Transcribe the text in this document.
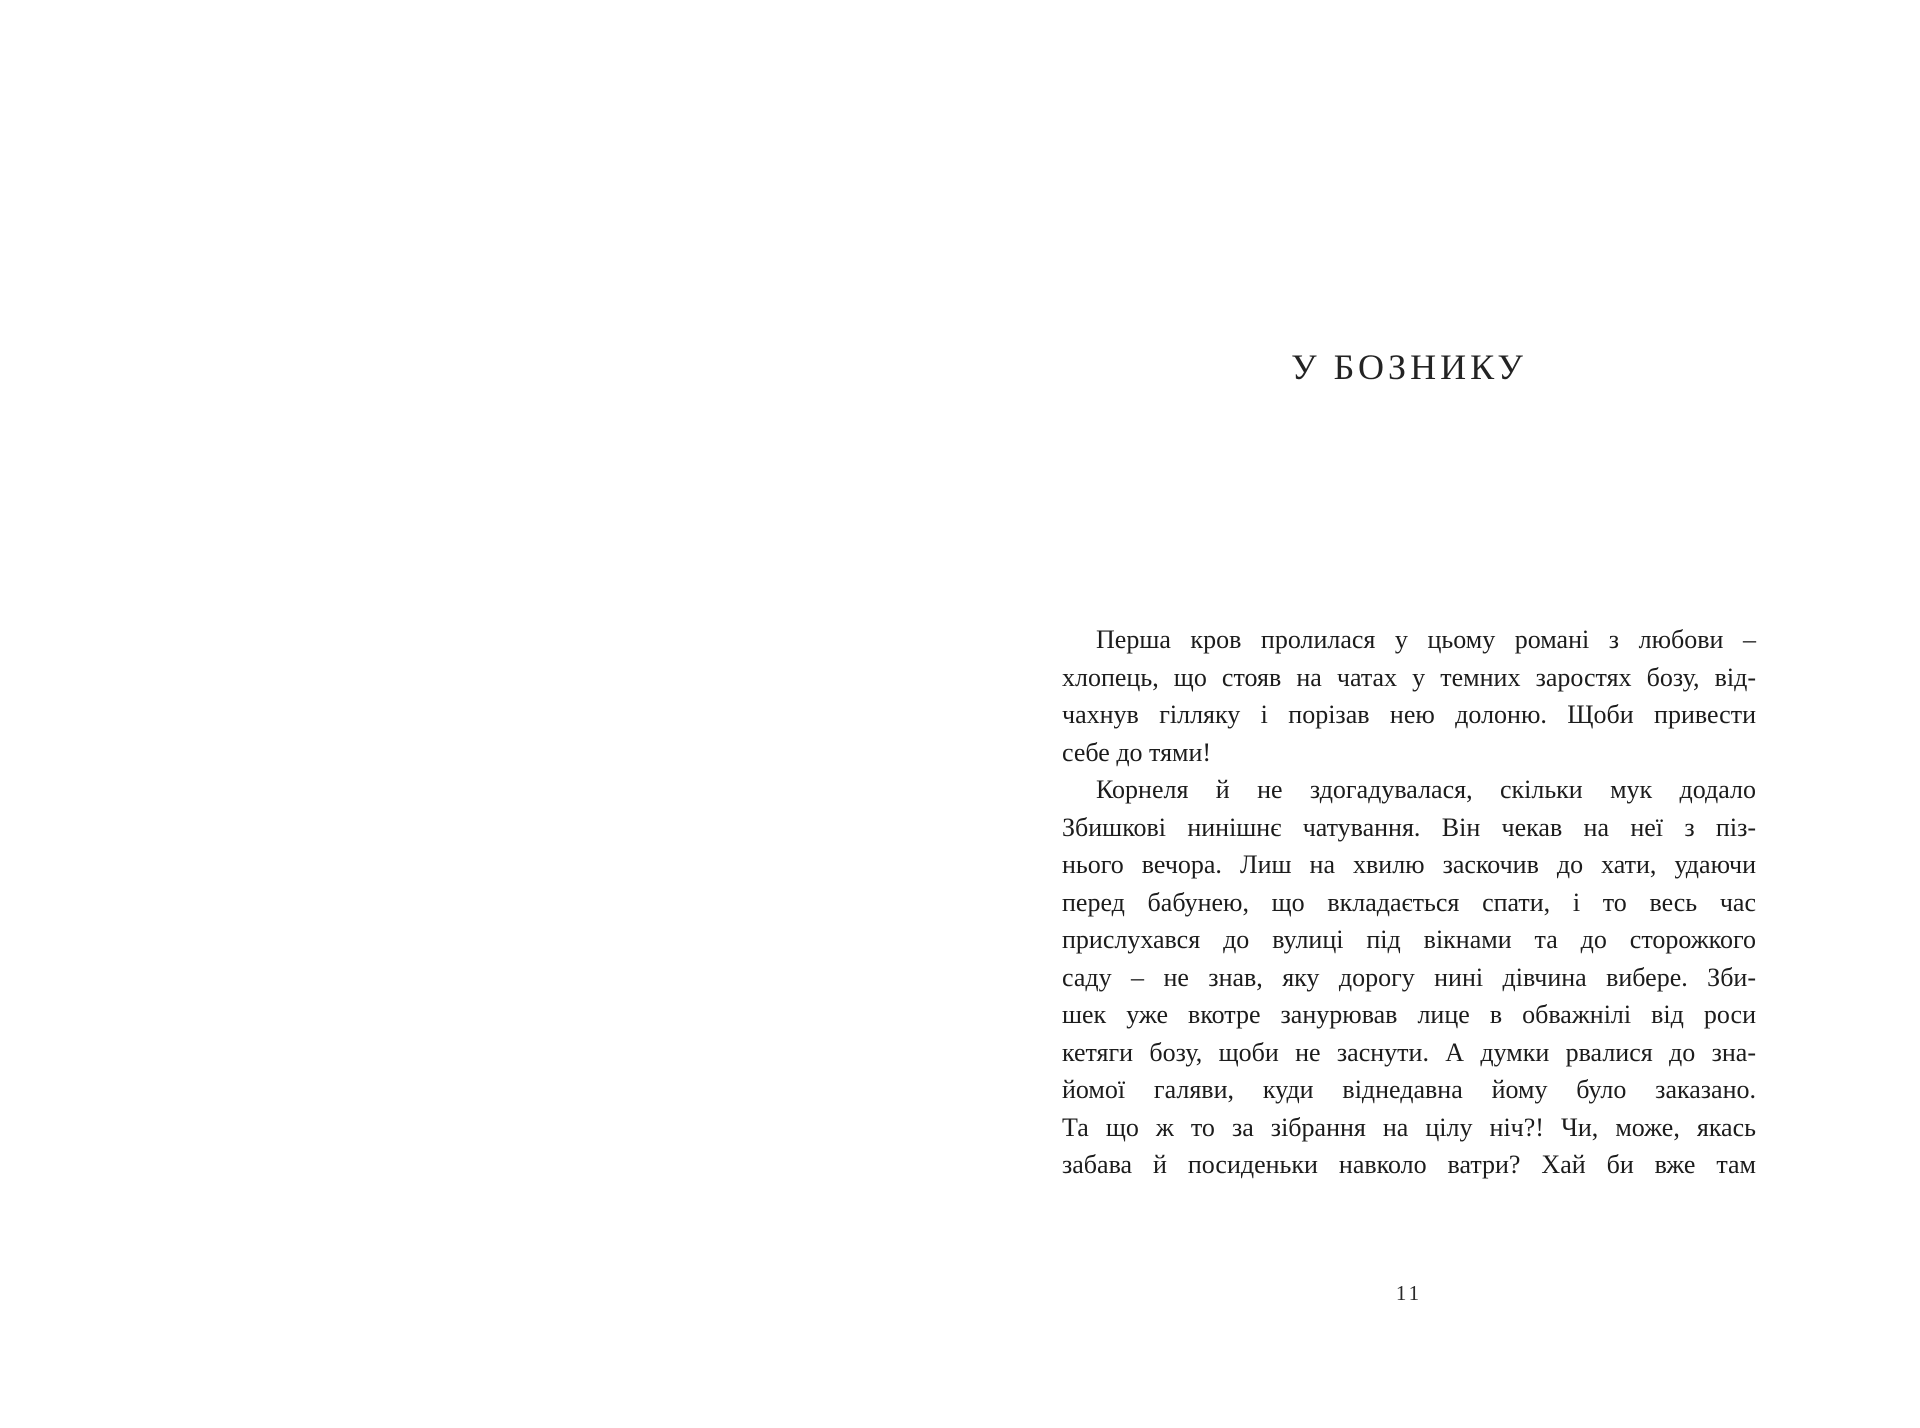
У БОЗНИКУ
Перша кров пролилася у цьому романі з любови –
хлопець, що стояв на чатах у темних заростях бозу, від-
чахнув гілляку і порізав нею долоню. Щоби привести
себе до тями!
Корнеля й не здогадувалася, скільки мук додало
Збишкові нинішнє чатування. Він чекав на неї з піз-
нього вечора. Лиш на хвилю заскочив до хати, удаючи
перед бабунею, що вкладається спати, і то весь час
прислухався до вулиці під вікнами та до сторожкого
саду – не знав, яку дорогу нині дівчина вибере. Зби-
шек уже вкотре занурював лице в обважнілі від роси
кетяги бозу, щоби не заснути. А думки рвалися до зна-
йомої галяви, куди віднедавна йому було заказано.
Та що ж то за зібрання на цілу ніч?! Чи, може, якась
забава й посиденьки навколо ватри? Хай би вже там
11
